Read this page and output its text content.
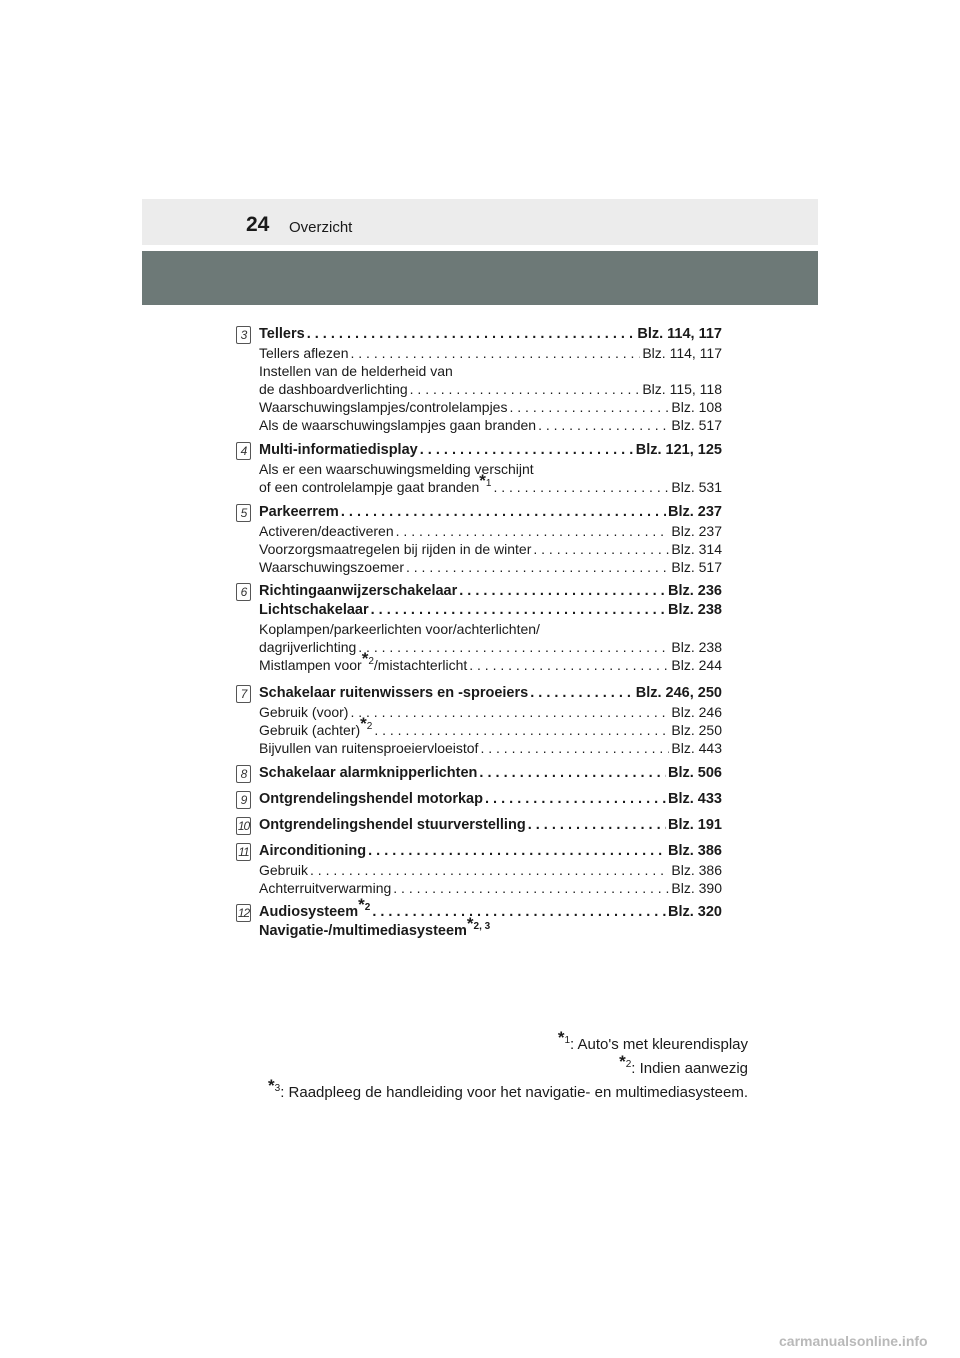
24 Overzicht
3 Tellers . . .	Blz. 114, 117
Tellers aflezen . . .	Blz. 114, 117
Instellen van de helderheid van
de dashboardverlichting . . .	Blz. 115, 118
Waarschuwingslampjes/controlelampjes . . .	Blz. 108
Als de waarschuwingslampjes gaan branden . . .	Blz. 517
4 Multi-informatiedisplay . . .	Blz. 121, 125
Als er een waarschuwingsmelding verschijnt
of een controlelampje gaat branden$^{*1}$ . . .	Blz. 531
5 Parkeerrem . . .	Blz. 237
Activeren/deactiveren . . .	Blz. 237
Voorzorgsmaatregelen bij rijden in de winter . . .	Blz. 314
Waarschuwingszoemer . . .	Blz. 517
6 Richtingaanwijzerschakelaar . . .	Blz. 236
Lichtschakelaar . . .	Blz. 238
Koplampen/parkeerlichten voor/achterlichten/
dagrijverlichting . . .	Blz. 238
Mistlampen voor$^{*2}$/mistachterlicht . . .	Blz. 244
7 Schakelaar ruitenwissers en -sproeiers . . .	Blz. 246, 250
Gebruik (voor) . . .	Blz. 246
Gebruik (achter)$^{*2}$ . . .	Blz. 250
Bijvullen van ruitensproeiervloeistof . . .	Blz. 443
8 Schakelaar alarmknipperlichten . . .	Blz. 506
9 Ontgrendelingshendel motorkap . . .	Blz. 433
10 Ontgrendelingshendel stuurverstelling . . .	Blz. 191
11 Airconditioning . . .	Blz. 386
Gebruik . . .	Blz. 386
Achterruitverwarming . . .	Blz. 390
12 Audiosysteem$^{*2}$ . . .	Blz. 320
Navigatie-/multimediasysteem$^{*2, 3}$
$^{*1}$: Auto's met kleurendisplay
$^{*2}$: Indien aanwezig
$^{*3}$: Raadpleeg de handleiding voor het navigatie- en multimediasysteem.
carmanualsonline.info
